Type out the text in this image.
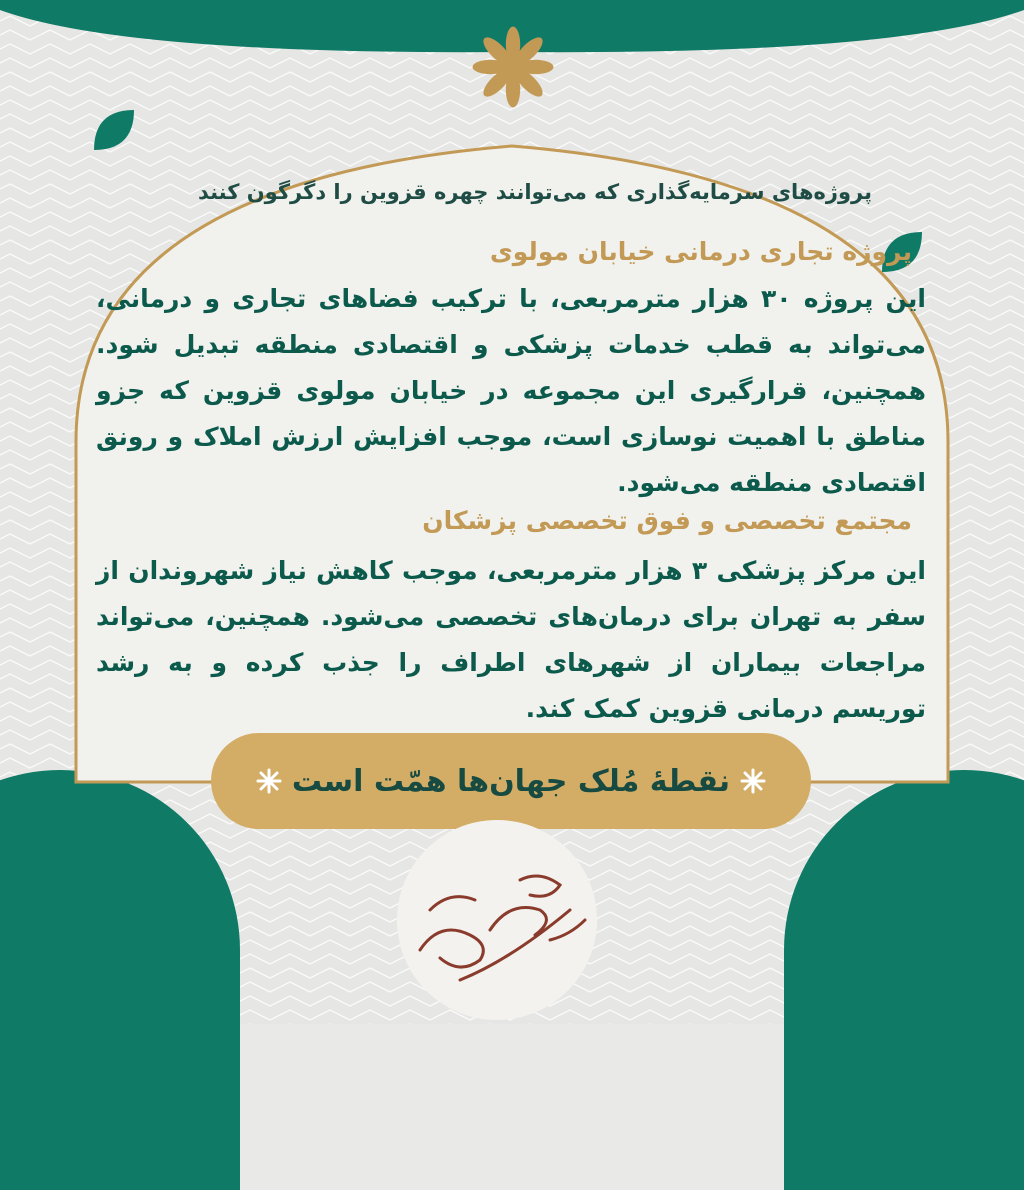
پروژه‌های سرمایه‌گذاری که می‌توانند چهره قزوین را دگرگون کنند
پروژه تجاری درمانی خیابان مولوی
این پروژه ۳۰ هزار مترمربعی، با ترکیب فضاهای تجاری و درمانی، می‌تواند به قطب خدمات پزشکی و اقتصادی منطقه تبدیل شود. همچنین، قرارگیری این مجموعه در خیابان مولوی قزوین که جزو مناطق با اهمیت نوسازی است، موجب افزایش ارزش املاک و رونق اقتصادی منطقه می‌شود.
مجتمع تخصصی و فوق تخصصی پزشکان
این مرکز پزشکی ۳ هزار مترمربعی، موجب کاهش نیاز شهروندان از سفر به تهران برای درمان‌های تخصصی می‌شود. همچنین، می‌تواند مراجعات بیماران از شهرهای اطراف را جذب کرده و به رشد توریسم درمانی قزوین کمک کند.
نقطهٔ مُلک جهان‌ها همّت است
